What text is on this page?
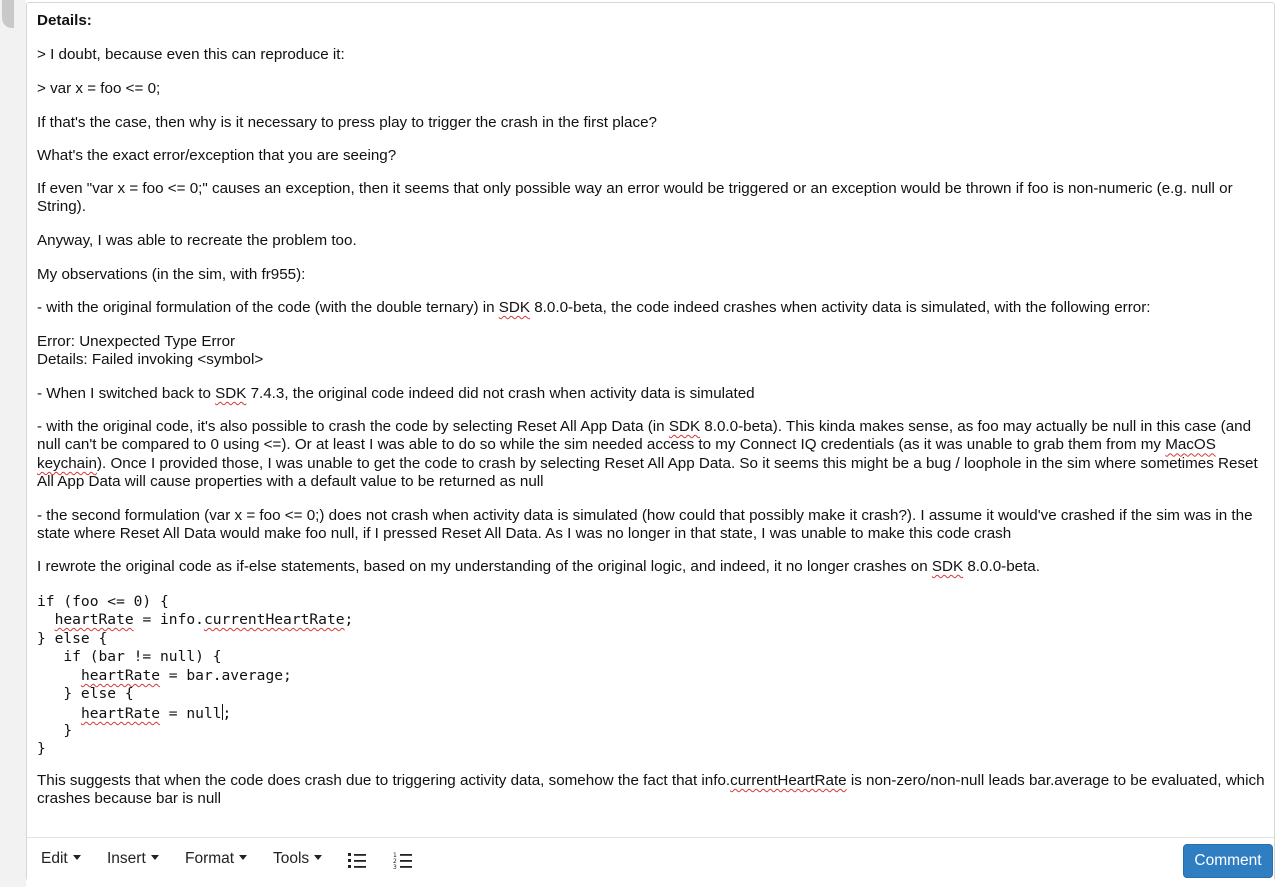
Details:

> I doubt, because even this can reproduce it:

> var x = foo <= 0;

If that's the case, then why is it necessary to press play to trigger the crash in the first place?

What's the exact error/exception that you are seeing?

If even "var x = foo <= 0;" causes an exception, then it seems that only possible way an error would be triggered or an exception would be thrown if foo is non-numeric (e.g. null or String).

Anyway, I was able to recreate the problem too.

My observations (in the sim, with fr955):

- with the original formulation of the code (with the double ternary) in SDK 8.0.0-beta, the code indeed crashes when activity data is simulated, with the following error:

Error: Unexpected Type Error

Details: Failed invoking <symbol>

- When I switched back to SDK 7.4.3, the original code indeed did not crash when activity data is simulated

- with the original code, it's also possible to crash the code by selecting Reset All App Data (in SDK 8.0.0-beta). This kinda makes sense, as foo may actually be null in this case (and null can't be compared to 0 using <=). Or at least I was able to do so while the sim needed access to my Connect IQ credentials (as it was unable to grab them from my MacOS keychain). Once I provided those, I was unable to get the code to crash by selecting Reset All App Data. So it seems this might be a bug / loophole in the sim where sometimes Reset All App Data will cause properties with a default value to be returned as null

- the second formulation (var x = foo <= 0;) does not crash when activity data is simulated (how could that possibly make it crash?). I assume it would've crashed if the sim was in the state where Reset All Data would make foo null, if I pressed Reset All Data. As I was no longer in that state, I was unable to make this code crash

I rewrote the original code as if-else statements, based on my understanding of the original logic, and indeed, it no longer crashes on SDK 8.0.0-beta.

if (foo <= 0) {
heartRate = info.currentHeartRate;
} else {
if (bar != null) {
heartRate = bar.average;
} else {
heartRate = null;
}
}

This suggests that when the code does crash due to triggering activity data, somehow the fact that info.currentHeartRate is non-zero/non-null leads bar.average to be evaluated, which crashes because bar is null

Edit	Insert	Format	Tools	1
2
3	Comment
